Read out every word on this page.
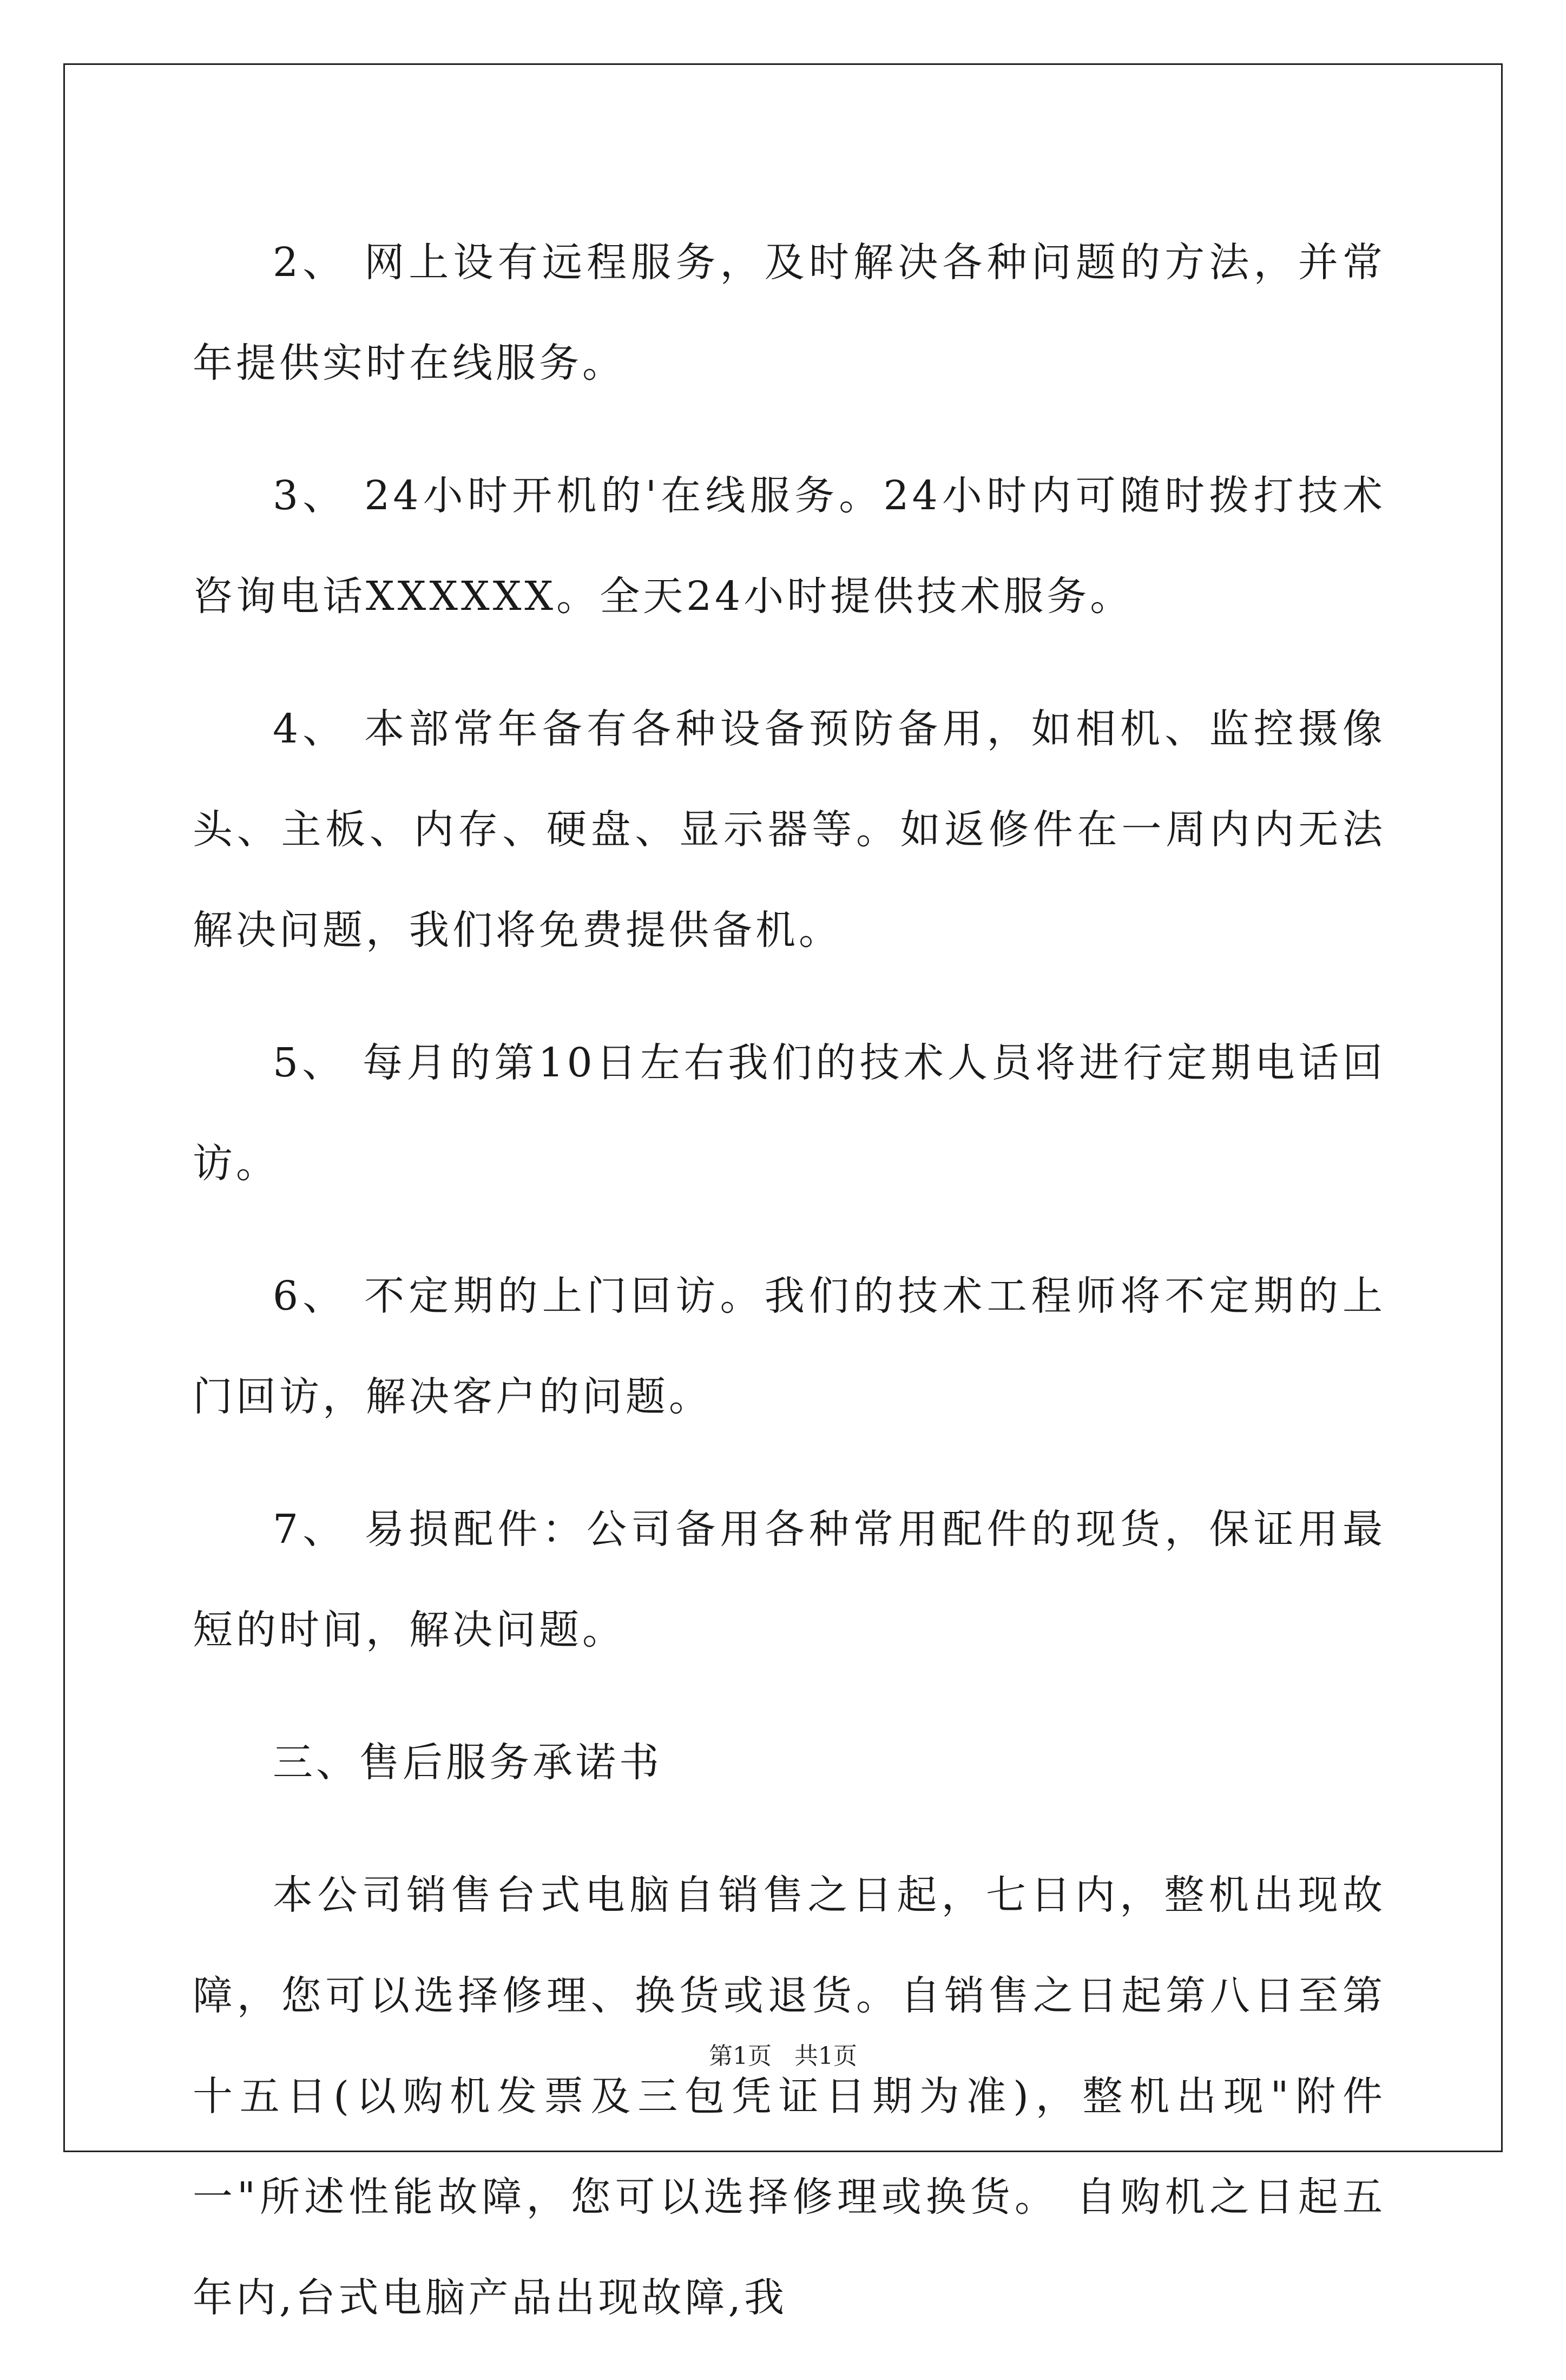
2、 网上设有远程服务，及时解决各种问题的方法，并常年提供实时在线服务。

3、 24小时开机的'在线服务。24小时内可随时拨打技术咨询电话XXXXXX。全天24小时提供技术服务。

4、 本部常年备有各种设备预防备用，如相机、监控摄像头、主板、内存、硬盘、显示器等。如返修件在一周内内无法解决问题，我们将免费提供备机。

5、 每月的第10日左右我们的技术人员将进行定期电话回访。

6、 不定期的上门回访。我们的技术工程师将不定期的上门回访，解决客户的问题。

7、 易损配件：公司备用各种常用配件的现货，保证用最短的时间，解决问题。

三、售后服务承诺书

本公司销售台式电脑自销售之日起，七日内，整机出现故障，您可以选择修理、换货或退货。自销售之日起第八日至第十五日(以购机发票及三包凭证日期为准)，整机出现"附件一"所述性能故障，您可以选择修理或换货。 自购机之日起五年内,台式电脑产品出现故障,我

第1页 共1页
